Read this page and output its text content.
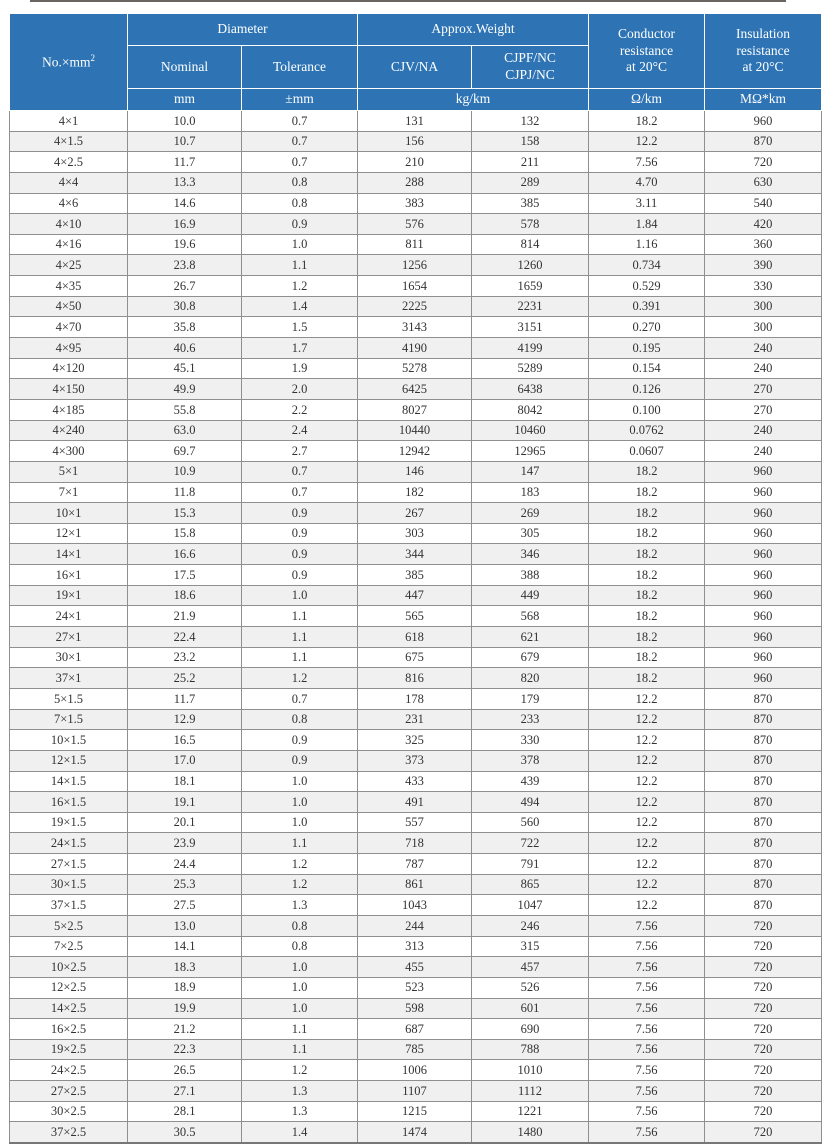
$No.\times mm^2$	Diameter		Approx.Weight		Conductor
resistance
at 20°C	Insulation
resistance
at 20°C

	Nominal	Tolerance	CJV/NA	CJPF/NC
CJPJ/NC		

	mm	±mm	kg/km		Ω/km	MΩ*km
4×1	10.0	0.7	131	132	18.2	960
4×1.5	10.7	0.7	156	158	12.2	870
4×2.5	11.7	0.7	210	211	7.56	720
4×4	13.3	0.8	288	289	4.70	630
4×6	14.6	0.8	383	385	3.11	540
4×10	16.9	0.9	576	578	1.84	420
4×16	19.6	1.0	811	814	1.16	360
4×25	23.8	1.1	1256	1260	0.734	390
4×35	26.7	1.2	1654	1659	0.529	330
4×50	30.8	1.4	2225	2231	0.391	300
4×70	35.8	1.5	3143	3151	0.270	300
4×95	40.6	1.7	4190	4199	0.195	240
4×120	45.1	1.9	5278	5289	0.154	240
4×150	49.9	2.0	6425	6438	0.126	270
4×185	55.8	2.2	8027	8042	0.100	270
4×240	63.0	2.4	10440	10460	0.0762	240
4×300	69.7	2.7	12942	12965	0.0607	240
5×1	10.9	0.7	146	147	18.2	960
7×1	11.8	0.7	182	183	18.2	960
10×1	15.3	0.9	267	269	18.2	960
12×1	15.8	0.9	303	305	18.2	960
14×1	16.6	0.9	344	346	18.2	960
16×1	17.5	0.9	385	388	18.2	960
19×1	18.6	1.0	447	449	18.2	960
24×1	21.9	1.1	565	568	18.2	960
27×1	22.4	1.1	618	621	18.2	960
30×1	23.2	1.1	675	679	18.2	960
37×1	25.2	1.2	816	820	18.2	960
5×1.5	11.7	0.7	178	179	12.2	870
7×1.5	12.9	0.8	231	233	12.2	870
10×1.5	16.5	0.9	325	330	12.2	870
12×1.5	17.0	0.9	373	378	12.2	870
14×1.5	18.1	1.0	433	439	12.2	870
16×1.5	19.1	1.0	491	494	12.2	870
19×1.5	20.1	1.0	557	560	12.2	870
24×1.5	23.9	1.1	718	722	12.2	870
27×1.5	24.4	1.2	787	791	12.2	870
30×1.5	25.3	1.2	861	865	12.2	870
37×1.5	27.5	1.3	1043	1047	12.2	870
5×2.5	13.0	0.8	244	246	7.56	720
7×2.5	14.1	0.8	313	315	7.56	720
10×2.5	18.3	1.0	455	457	7.56	720
12×2.5	18.9	1.0	523	526	7.56	720
14×2.5	19.9	1.0	598	601	7.56	720
16×2.5	21.2	1.1	687	690	7.56	720
19×2.5	22.3	1.1	785	788	7.56	720
24×2.5	26.5	1.2	1006	1010	7.56	720
27×2.5	27.1	1.3	1107	1112	7.56	720
30×2.5	28.1	1.3	1215	1221	7.56	720
37×2.5	30.5	1.4	1474	1480	7.56	720
